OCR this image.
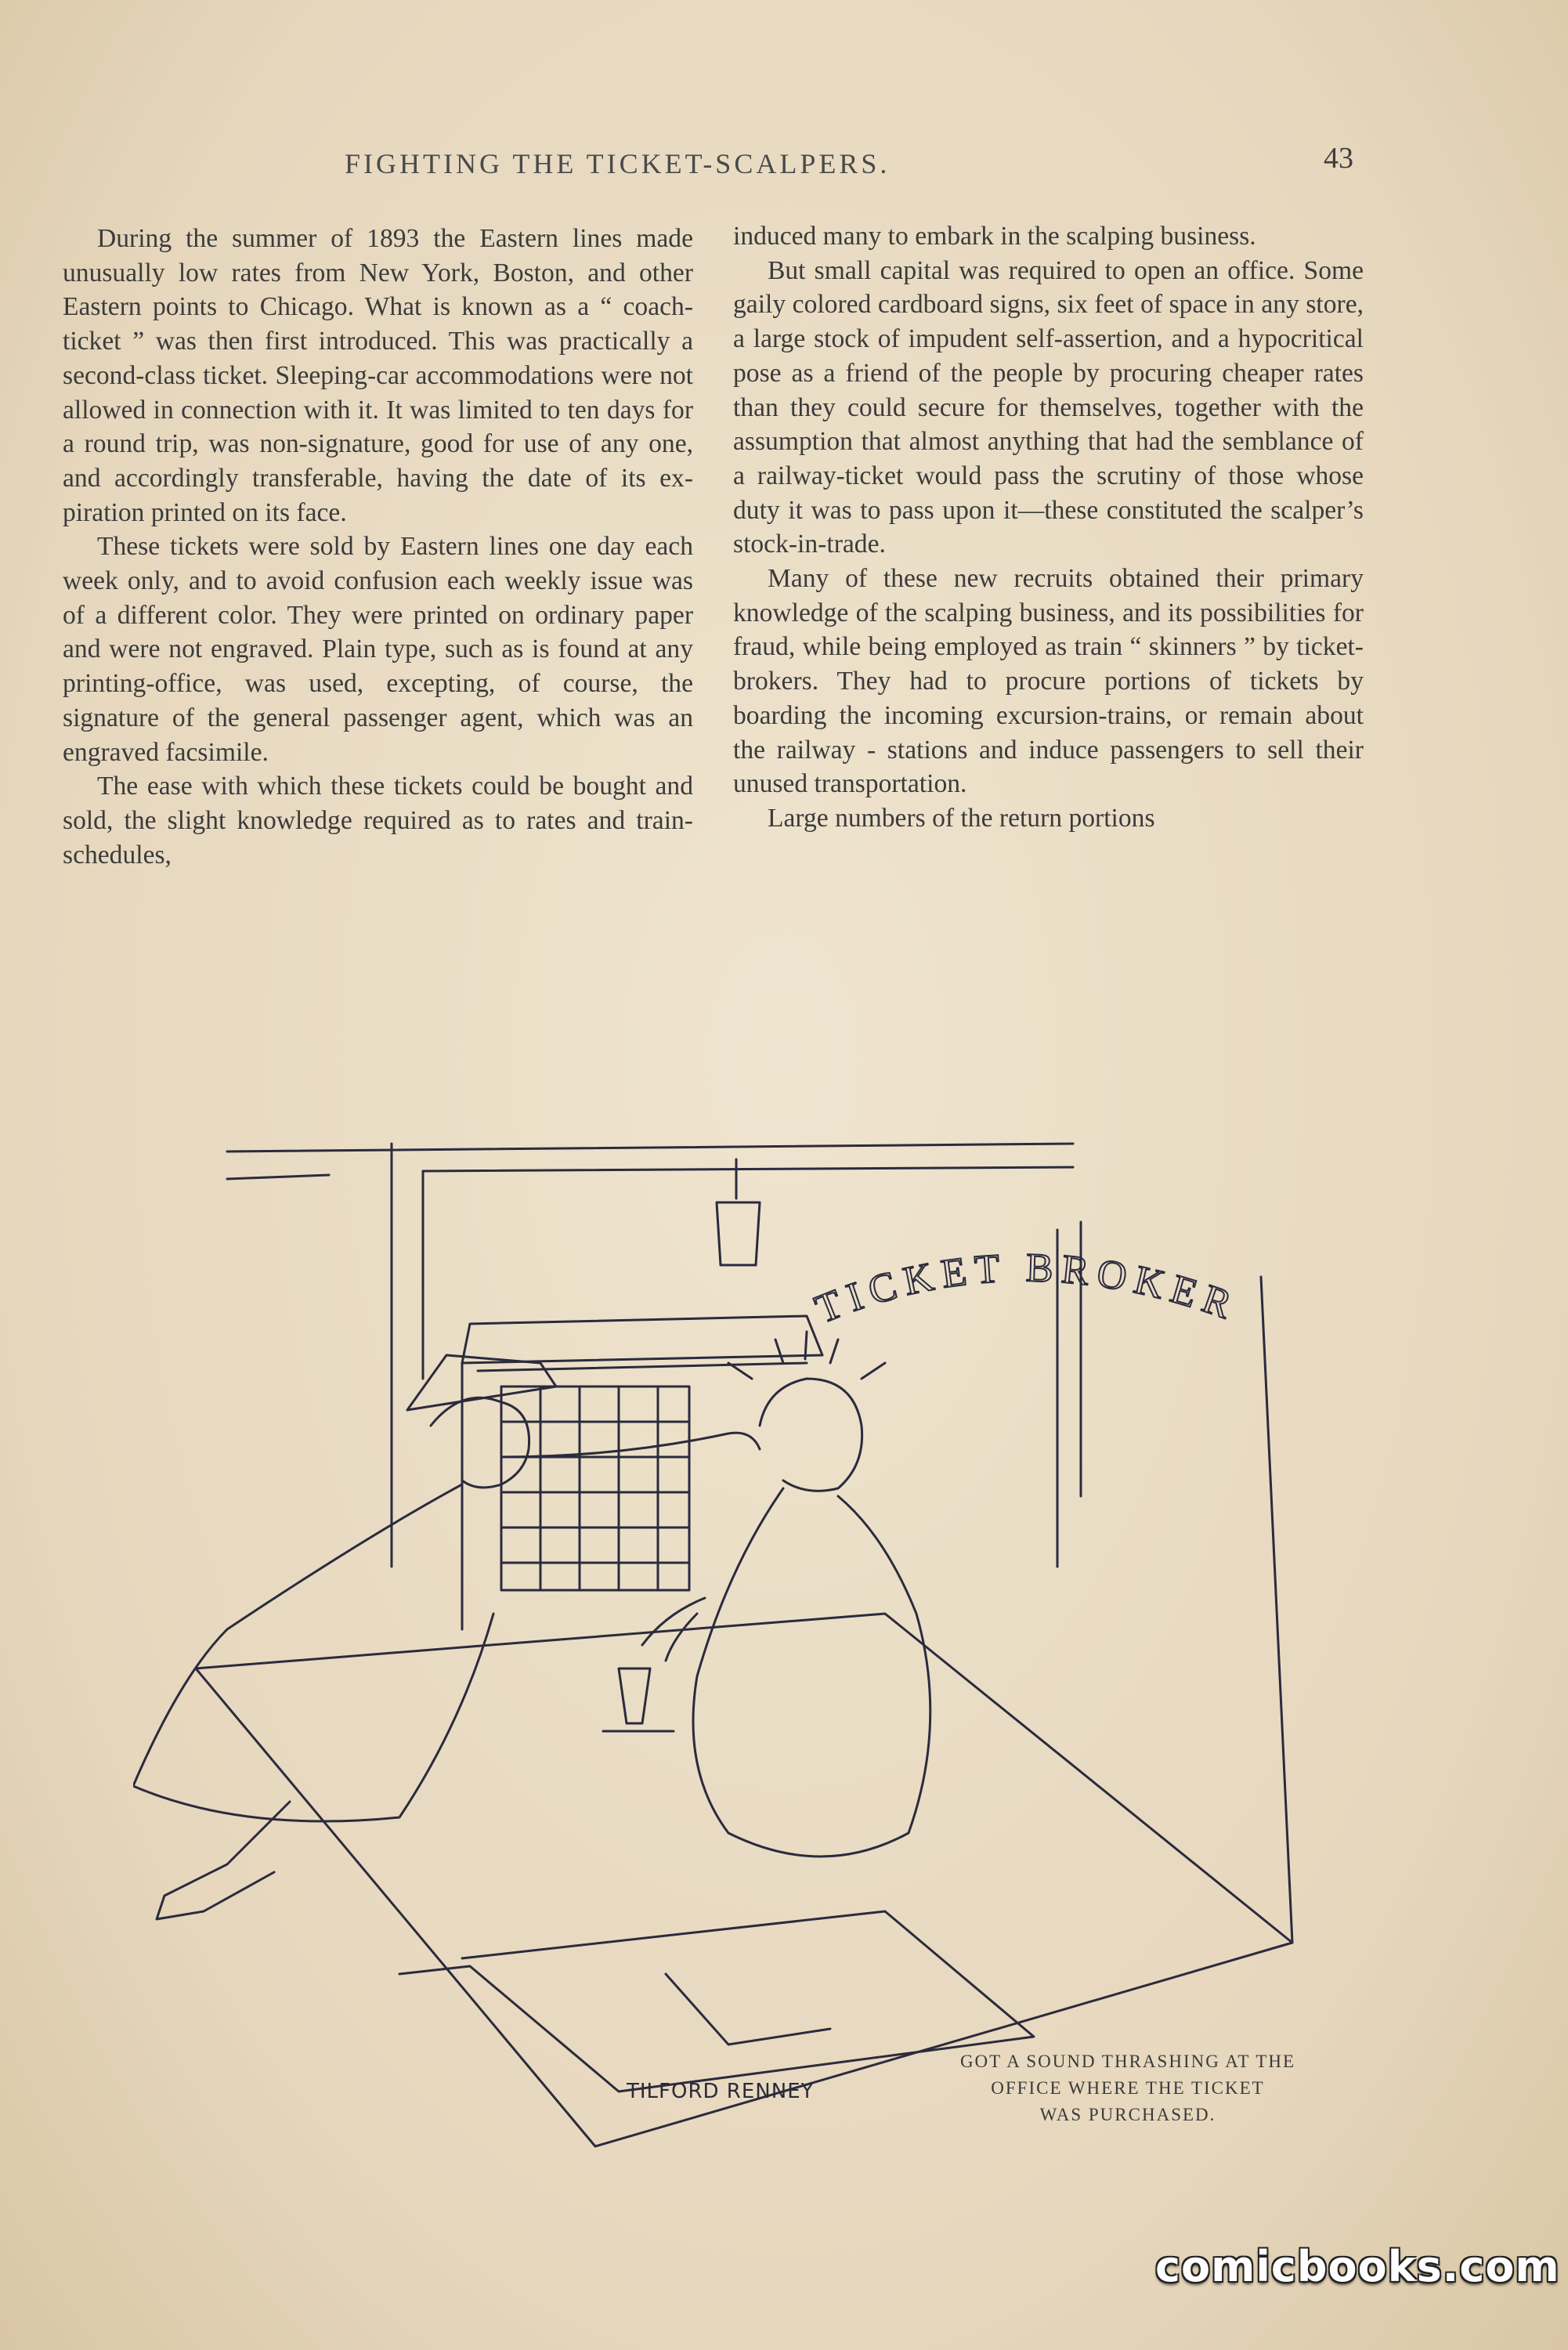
FIGHTING THE TICKET-SCALPERS.	43

During the summer of 1893 the Eastern lines made unusually low rates from New York, Boston, and other Eastern points to Chicago. What is known as a “ coach-ticket ” was then first introduced. This was practically a second-class ticket. Sleeping-car accommodations were not allowed in connection with it. It was limited to ten days for a round trip, was non-signature, good for use of any one, and accordingly transferable, having the date of its expiration printed on its face.

These tickets were sold by Eastern lines one day each week only, and to avoid confusion each weekly issue was of a different color. They were printed on ordinary paper and were not engraved. Plain type, such as is found at any printing-office, was used, excepting, of course, the signature of the general passenger agent, which was an engraved facsimile.

The ease with which these tickets could be bought and sold, the slight knowledge required as to rates and train-schedules,

induced many to embark in the scalping business.

But small capital was required to open an office. Some gaily colored cardboard signs, six feet of space in any store, a large stock of impudent self-assertion, and a hypocritical pose as a friend of the people by procuring cheaper rates than they could secure for themselves, together with the assumption that almost anything that had the semblance of a railway-ticket would pass the scrutiny of those whose duty it was to pass upon it—these constituted the scalper’s stock-in-trade.

Many of these new recruits obtained their primary knowledge of the scalping business, and its possibilities for fraud, while being employed as train “ skinners ” by ticket-brokers. They had to procure portions of tickets by boarding the incoming excursion-trains, or remain about the railway - stations and induce passengers to sell their unused transportation.

Large numbers of the return portions

TICKET BROKER
TILFORD RENNEY
GOT A SOUND THRASHING AT THE
OFFICE WHERE THE TICKET
WAS PURCHASED.
comicbooks.com
